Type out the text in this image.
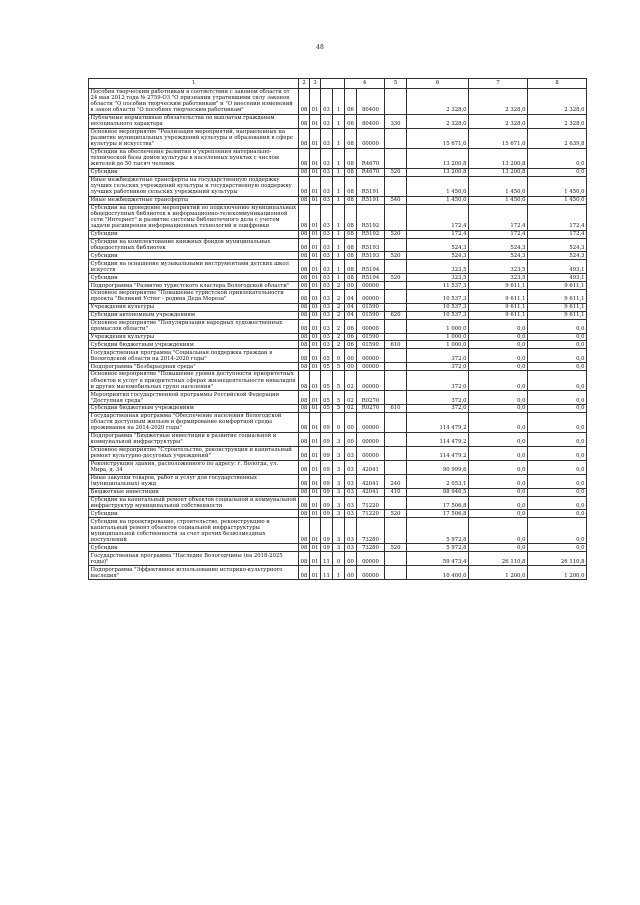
48
1	2	3			4		5	6	7	8
Пособия творческим работникам в соответствии с законом области от 24 мая 2012 года № 2759-ОЗ "О признании утратившими силу законов области "О пособии творческим работникам" и "О внесении изменений в закон области "О пособиях творческим работникам"	08	01	03	1	06	80400		2 328,0	2 328,0	2 328,0
Публичные нормативные обязательства по выплатам гражданам несоциального характера	08	01	03	1	06	80400	330	2 328,0	2 328,0	2 328,0
Основное мероприятие "Реализация мероприятий, направленных на развитие муниципальных учреждений культуры и образования в сфере культуры и искусства"	08	01	03	1	08	00000		15 671,0	15 671,0	2 639,8
Субсидии на обеспечение развития и укрепления материально-технической базы домов культуры в населенных пунктах с числом жителей до 50 тысяч человек	08	01	03	1	08	R4670		13 200,8	13 200,8	0,0
Субсидии	08	01	03	1	08	R4670	520	13 200,8	13 200,8	0,0
Иные межбюджетные трансферты на государственную поддержку лучших сельских учреждений культуры и государственную поддержку лучших работников сельских учреждений культуры	08	01	03	1	08	R5191		1 450,0	1 450,0	1 450,0
Иные межбюджетные трансферты	08	01	03	1	08	R5191	540	1 450,0	1 450,0	1 450,0
Субсидии на проведение мероприятий по подключению муниципальных общедоступных библиотек к информационно-телекоммуникационной сети "Интернет" и развитие системы библиотечного дела с учетом задачи расширения информационных технологий и оцифровки	08	01	03	1	08	R5192		172,4	172,4	172,4
Субсидии	08	01	03	1	08	R5192	520	172,4	172,4	172,4
Субсидии на комплектование книжных фондов муниципальных общедоступных библиотек	08	01	03	1	08	R5193		524,3	524,3	524,3
Субсидии	08	01	03	1	08	R5193	520	524,3	524,3	524,3
Субсидии на оснащение музыкальными инструментами детских школ искусств	08	01	03	1	08	R5194		323,5	323,5	493,1
Субсидии	08	01	03	1	08	R5194	520	323,5	323,5	493,1
Подпрограмма "Развитие туристского кластера Вологодской области"	08	01	03	2	00	00000		11 537,3	9 611,1	9 611,1
Основное мероприятие "Повышение туристской привлекательности проекта "Великий Устюг - родина Деда Мороза"	08	01	03	2	04	00000		10 537,3	9 611,1	9 611,1
Учреждения культуры	08	01	03	2	04	01590		10 537,3	9 611,1	9 611,1
Субсидии автономным учреждениям	08	01	03	2	04	01590	620	10 537,3	9 611,1	9 611,1
Основное мероприятие "Популяризация народных художественных промыслов области"	08	01	03	2	06	00000		1 000,0	0,0	0,0
Учреждения культуры	08	01	03	2	06	01590		1 000,0	0,0	0,0
Субсидии бюджетным учреждениям	08	01	03	2	06	01590	610	1 000,0	0,0	0,0
Государственная программа "Социальная поддержка граждан в Вологодской области на 2014-2020 годы"	08	01	05	0	00	00000		372,0	0,0	0,0
Подпрограмма "Безбарьерная среда"	08	01	05	5	00	00000		372,0	0,0	0,0
Основное мероприятие "Повышение уровня доступности приоритетных объектов и услуг в приоритетных сферах жизнедеятельности инвалидов и других маломобильных групп населения"	08	01	05	5	02	00000		372,0	0,0	0,0
Мероприятия государственной программы Российской Федерации "Доступная среда"	08	01	05	5	02	R0270		372,0	0,0	0,0
Субсидии бюджетным учреждениям	08	01	05	5	02	R0270	610	372,0	0,0	0,0
Государственная программа "Обеспечение населения Вологодской области доступным жильем и формирование комфортной среды проживания на 2014-2020 годы"	08	01	09	0	00	00000		114 479,2	0,0	0,0
Подпрограмма "Бюджетные инвестиции в развитие социальной и коммунальной инфраструктуры"	08	01	09	3	00	00000		114 479,2	0,0	0,0
Основное мероприятие "Строительство, реконструкция и капитальный ремонт культурно-досуговых учреждений"	08	01	09	3	03	00000		114 479,2	0,0	0,0
Реконструкция здания, расположенного по адресу: г. Вологда, ул. Мира, д. 34	08	01	09	3	03	42041		90 999,6	0,0	0,0
Иные закупки товаров, работ и услуг для государственных (муниципальных) нужд	08	01	09	3	03	42041	240	2 053,1	0,0	0,0
Бюджетные инвестиции	08	01	09	3	03	42041	410	88 946,5	0,0	0,0
Субсидии на капитальный ремонт объектов социальной и коммунальной инфраструктур муниципальной собственности	08	01	09	3	03	71220		17 506,8	0,0	0,0
Субсидии	08	01	09	3	03	71220	520	17 506,8	0,0	0,0
Субсидии на проектирование, строительство, реконструкцию и капитальный ремонт объектов социальной инфраструктуры муниципальной собственности за счет прочих безвозмездных поступлений	08	01	09	3	03	73280		5 972,8	0,0	0,0
Субсидии	08	01	09	3	03	73280	520	5 972,8	0,0	0,0
Государственная программа "Наследие Вологодчины (на 2018-2025 годы)"	08	01	11	0	00	00000		59 473,4	26 110,8	26 110,8
Подпрограмма "Эффективное использование историко-культурного наследия"	08	01	11	1	00	00000		10 400,0	1 200,0	1 200,0
